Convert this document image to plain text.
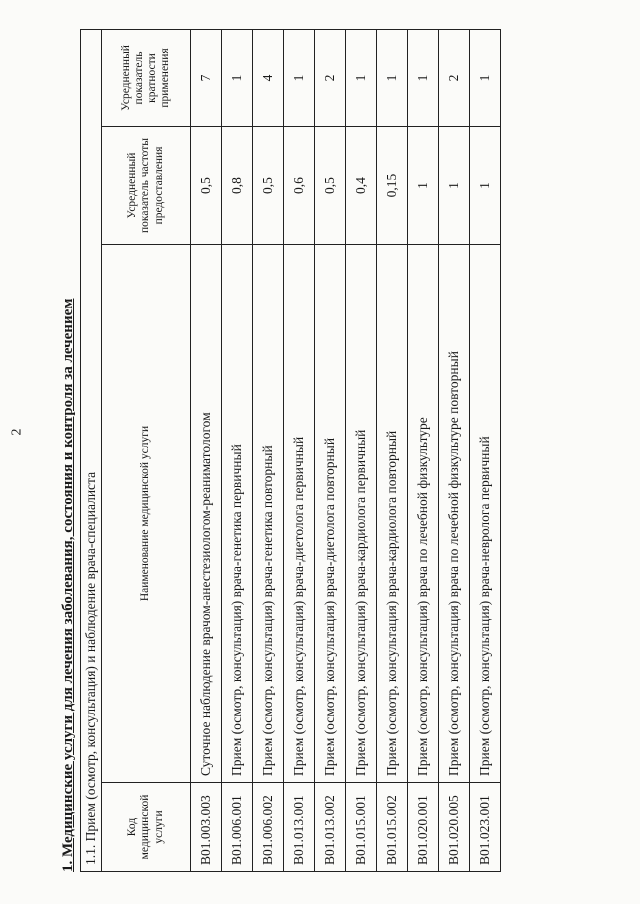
2 1. Медицинские услуги для лечения заболевания, состояния и контроля за лечением 1.1. Прием (осмотр, консультация) и наблюдение врача-специалиста			
Код медицинской услуги	Наименование медицинской услуги	Усредненный показатель частоты предоставления	Усредненный показатель кратности применения
B01.003.003	Суточное наблюдение врачом-анестезиологом-реаниматологом	0,5	7
B01.006.001	Прием (осмотр, консультация) врача-генетика первичный	0,8	1
B01.006.002	Прием (осмотр, консультация) врача-генетика повторный	0,5	4
B01.013.001	Прием (осмотр, консультация) врача-диетолога первичный	0,6	1
B01.013.002	Прием (осмотр, консультация) врача-диетолога повторный	0,5	2
B01.015.001	Прием (осмотр, консультация) врача-кардиолога первичный	0,4	1
B01.015.002	Прием (осмотр, консультация) врача-кардиолога повторный	0,15	1
B01.020.001	Прием (осмотр, консультация) врача по лечебной физкультуре	1	1
B01.020.005	Прием (осмотр, консультация) врача по лечебной физкультуре повторный	1	2
B01.023.001	Прием (осмотр, консультация) врача-невролога первичный	1	1
